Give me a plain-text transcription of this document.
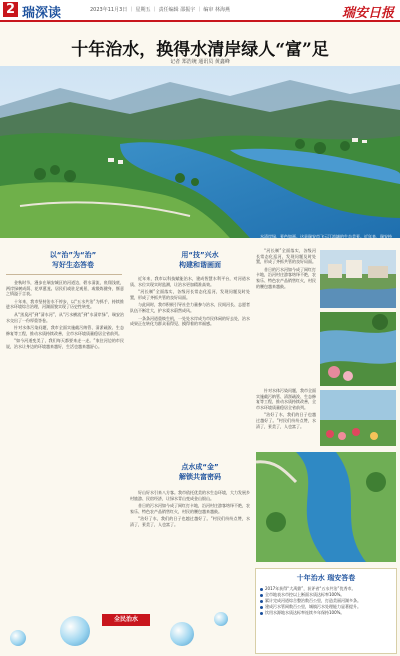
2 瑞深读	2023年11月3日 ｜ 星期五 ｜ 责任编辑 邵振宇 ｜ 编审 林海燕	瑞安日报
十年治水，换得水清岸绿人“富”足
记者 郑浩统 通讯员 黄鑫峰
水清岸绿，景色如画。这是瑞安市飞云江流域的生态美景。近年来，瑞安持
以“治”为“治”
写好生态答卷
用“技”兴水
构建和谐画面
点水成“金”
解锁共富密码

金秋时节，漫步在瑞安城区的河道边，碧水清流，鱼翔浅底，两岸绿树成荫、花草葱茏。居民们或驻足观景，或锻炼健身，惬意之情溢于言表。

十年来，我市坚持治水不停步，以“五水共治”为抓手，持续推进水环境综合治理，河湖面貌实现了历史性转变。

从“黑臭河”到“清水河”，从“污水横流”到“水清岸绿”，瑞安治水交出了一份厚重答卷。

针对水体污染问题，我市全面实施截污纳管、清淤疏浚、生态修复等工程，推动水质持续改善，全市水环境质量稳居全省前列。

“如今河道变美了，我们每天都要来走一走。”家住河边的市民说，治水让身边的环境越来越好，生活也越来越舒心。

近年来，我市以科技赋能治水，建成智慧水利平台，对河道水质、水位实现实时监测，让治水更加精准高效。

“河长制”全面落实，各级河长常态化巡河，发现问题及时处置，形成了齐抓共管的良好局面。

与此同时，我市积极引导社会力量参与治水，民间河长、志愿者队伍不断壮大，护水爱水蔚然成风。

一条条河道重焕生机，一处处水岸成为市民休闲的好去处，治水成果正在转化为群众看得见、摸得着的幸福感。

好山好水引来八方客。我市依托优美的水生态环境，大力发展乡村旅游、民宿经济，让绿水青山变成金山银山。

昔日的污水河如今成了网红打卡地，沿河村庄游客络绎不绝，农家乐、特色农产品销售红火，村民的腰包越来越鼓。

“治好了水，我们的日子也越过越好了。”村民们纷纷点赞，水清了，景美了，人也富了。

“河长制”全面落实，各级河长常态化巡河，发现问题及时处置，形成了齐抓共管的良好局面。

昔日的污水河如今成了网红打卡地，沿河村庄游客络绎不绝，农家乐、特色农产品销售红火，村民的腰包越来越鼓。

针对水体污染问题，我市全面实施截污纳管、清淤疏浚、生态修复等工程，推动水质持续改善，全市水环境质量稳居全省前列。

“治好了水，我们的日子也越过越好了。”村民们纷纷点赞，水清了，景美了，人也富了。

十年治水 瑞安答卷
2017年获得“大禹鼎”，获评省“五水共治”优秀市。
全市地表水市控以上断面水质达标率100%。
累计完成河道综合整治数百公里，打造美丽河湖多条。
建成污水管网数百公里，城镇污水处理能力显著提升。
饮用水源地水质达标率连续多年保持100%。
全民治水
